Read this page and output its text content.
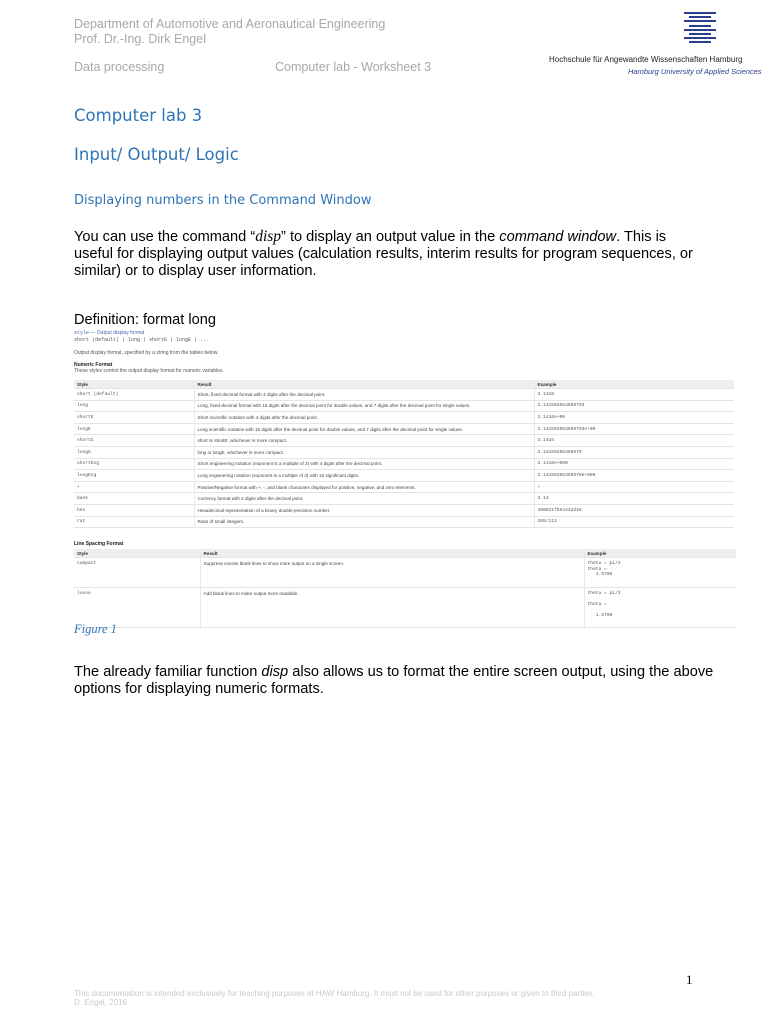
Department of Automotive and Aeronautical Engineering
Prof. Dr.-Ing. Dirk Engel
Data processing	Computer lab - Worksheet 3
Hochschule für Angewandte Wissenschaften Hamburg
Hamburg University of Applied Sciences
Computer lab 3
Input/ Output/ Logic
Displaying numbers in the Command Window
You can use the command “disp” to display an output value in the command window. This is useful for displaying output values (calculation results, interim results for program sequences, or similar) or to display user information.
Definition: format long
style — Output display format
short (default) | long | shortE | longE | ...
Output display format, specified by a string from the tables below.
Numeric Format
These styles control the output display format for numeric variables.
Style	Result	Example
short (default)	Short, fixed-decimal format with 4 digits after the decimal point.	3.1416
long	Long, fixed-decimal format with 15 digits after the decimal point for double values, and 7 digits after the decimal point for single values.	3.141592653589793
shortE	Short scientific notation with 4 digits after the decimal point.	3.1416e+00
longE	Long scientific notation with 15 digits after the decimal point for double values, and 7 digits after the decimal point for single values.	3.141592653589793e+00
shortG	short or shortE, whichever is more compact.	3.1416
longG	long or longE, whichever is more compact.	3.14159265358979
shortEng	Short engineering notation (exponent is a multiple of 3) with 4 digits after the decimal point.	3.1416e+000
longEng	Long engineering notation (exponent is a multiple of 3) with 15 significant digits.	3.14159265358979e+000
+	Positive/Negative format with +, -, and blank characters displayed for positive, negative, and zero elements.	+
bank	Currency format with 2 digits after the decimal point.	3.14
hex	Hexadecimal representation of a binary double-precision number.	400921fb54442d18
rat	Ratio of small integers.	355/113
Line Spacing Format
Style	Result	Example
compact	Suppress excess blank lines to show more output on a single screen.	theta = pi/2
theta =
1.5708

loose	Add blank lines to make output more readable.	theta = pi/2
theta =
1.5708
Figure 1
The already familiar function disp also allows us to format the entire screen output, using the above options for displaying numeric formats.
1
This documentation is intended exclusively for teaching purposes at HAW Hamburg. It must not be used for other purposes or given to third parties.
D. Engel, 2016
